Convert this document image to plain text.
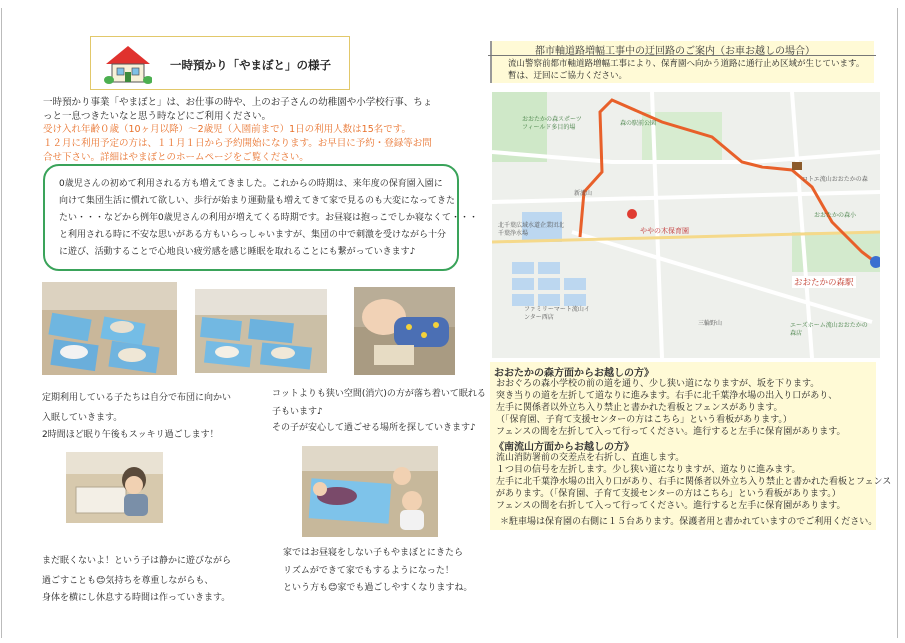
一時預かり「やまぼと」の様子
一時預かり事業「やまぼと」は、お仕事の時や、上のお子さんの幼稚園や小学校行事、ちょ
っと一息つきたいなと思う時などにご利用ください。
受け入れ年齢０歳（10ヶ月以降）～2歳児（入園前まで）1日の利用人数は15名です。
１２月に利用予定の方は、１１月１日から予約開始になります。お早目に予約・登録等お問
合せ下さい。詳細はやまぼとのホームページをご覧ください。
0歳児さんの初めて利用される方も増えてきました。これからの時期は、来年度の保育園入園に
向けて集団生活に慣れて欲しい、歩行が始まり運動量も増えてきて家で見るのも大変になってきた
たい・・・などから例年0歳児さんの利用が増えてくる時期です。お昼寝は抱っこでしか寝なくて・・・
と利用される時に不安な思いがある方もいらっしゃいますが、集団の中で刺激を受けながら十分
に遊び、活動することで心地良い疲労感を感じ睡眠を取れることにも繋がっていきます♪
定期利用している子たちは自分で布団に向かい
入眠していきます。
2時間ほど眠り午後もスッキリ過ごします！
コットよりも狭い空間(消穴)の方が落ち着いて眠れる
子もいます♪
その子が安心して過ごせる場所を探していきます♪
まだ眠くないよ！という子は静かに遊びながら
過ごすことも😊気持ちを尊重しながらも、
身体を横にし休息する時間は作っていきます。
家ではお昼寝をしない子もやまぼとにきたら
リズムができて家でもするようになった！
という方も😊家でも過ごしやすくなりますね。
都市軸道路増幅工事中の迂回路のご案内（お車お越しの場合）
流山警察前都市軸道路増幅工事により、保育園へ向かう道路に通行止め区域が生じています。
暫は、迂回にご協力ください。
ややの木保育園
おおたかの森駅
おおたかの森スポーツフィールド多目的場
森の駅前公園
新流山
北千葉広域水道企業団北千葉浄水場
ファミリーマート流山インター西店
三輪野山	エーズホーム流山おおたかの森店
おおたかの森小
コトエ流山おおたかの森
おおたかの森方面からお越しの方》
おおぐろの森小学校の前の道を通り、少し狭い道になりますが、坂を下ります。
突き当りの道を左折して道なりに進みます。右手に北千葉浄水場の出入り口があり、
左手に関係者以外立ち入り禁止と書かれた看板とフェンスがあります。
（「保育園、子育て支援センターの方はこちら」という看板があります。）
フェンスの間を左折して入って行ってください。進行すると左手に保育園があります。
《南流山方面からお越しの方》
流山消防署前の交差点を右折し、直進します。
１つ目の信号を左折します。少し狭い道になりますが、道なりに進みます。
左手に北千葉浄水場の出入り口があり、右手に関係者以外立ち入り禁止と書かれた看板とフェンス
があります。（「保育園、子育て支援センターの方はこちら」という看板があります。）
フェンスの間を右折して入って行ってください。進行すると左手に保育園があります。
＊駐車場は保育園の右側に１５台あります。保護者用と書かれていますのでご利用ください。
